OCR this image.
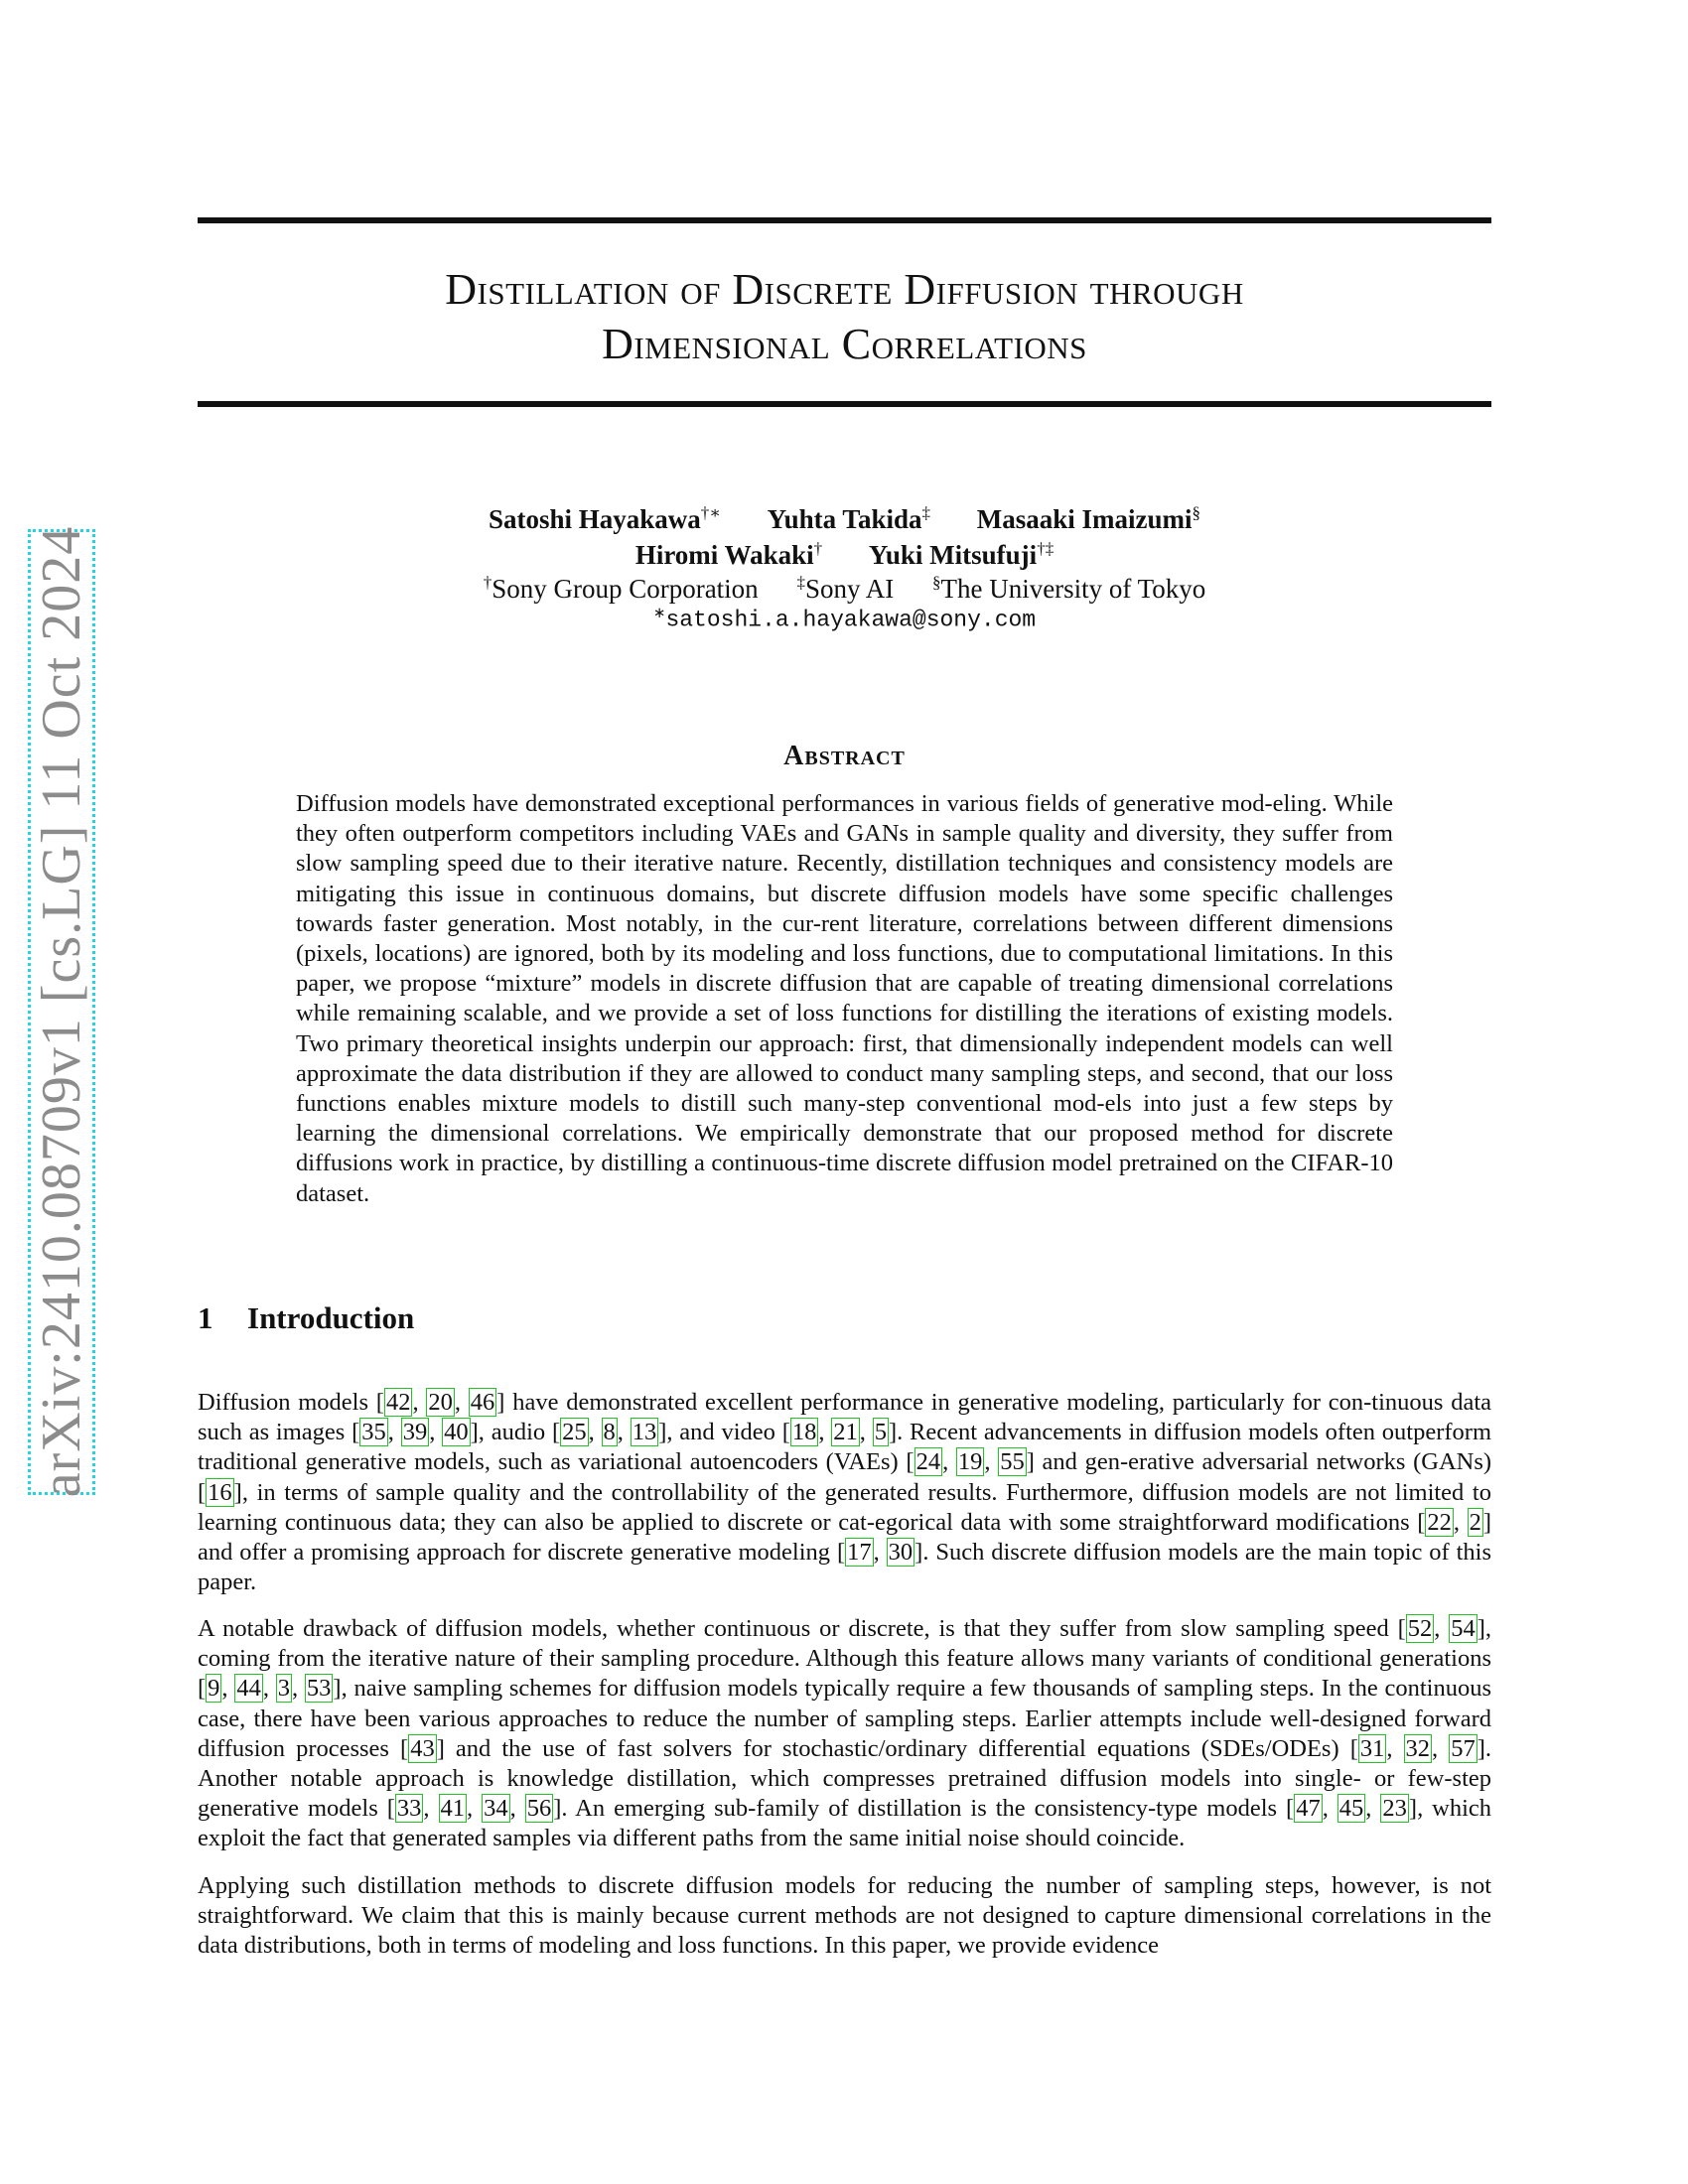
arXiv:2410.08709v1 [cs.LG] 11 Oct 2024
Distillation of Discrete Diffusion through
Dimensional Correlations
Satoshi Hayakawa†∗ Yuhta Takida‡ Masaaki Imaizumi§
Hiromi Wakaki† Yuki Mitsufuji†‡
†Sony Group Corporation ‡Sony AI §The University of Tokyo
∗satoshi.a.hayakawa@sony.com
Abstract
Diffusion models have demonstrated exceptional performances in various fields of generative mod-eling. While they often outperform competitors including VAEs and GANs in sample quality and diversity, they suffer from slow sampling speed due to their iterative nature. Recently, distillation techniques and consistency models are mitigating this issue in continuous domains, but discrete diffusion models have some specific challenges towards faster generation. Most notably, in the cur-rent literature, correlations between different dimensions (pixels, locations) are ignored, both by its modeling and loss functions, due to computational limitations. In this paper, we propose “mixture” models in discrete diffusion that are capable of treating dimensional correlations while remaining scalable, and we provide a set of loss functions for distilling the iterations of existing models. Two primary theoretical insights underpin our approach: first, that dimensionally independent models can well approximate the data distribution if they are allowed to conduct many sampling steps, and second, that our loss functions enables mixture models to distill such many-step conventional mod-els into just a few steps by learning the dimensional correlations. We empirically demonstrate that our proposed method for discrete diffusions work in practice, by distilling a continuous-time discrete diffusion model pretrained on the CIFAR-10 dataset.
1 Introduction

Diffusion models [42, 20, 46] have demonstrated excellent performance in generative modeling, particularly for con-tinuous data such as images [35, 39, 40], audio [25, 8, 13], and video [18, 21, 5]. Recent advancements in diffusion models often outperform traditional generative models, such as variational autoencoders (VAEs) [24, 19, 55] and gen-erative adversarial networks (GANs) [16], in terms of sample quality and the controllability of the generated results. Furthermore, diffusion models are not limited to learning continuous data; they can also be applied to discrete or cat-egorical data with some straightforward modifications [22, 2] and offer a promising approach for discrete generative modeling [17, 30]. Such discrete diffusion models are the main topic of this paper.

A notable drawback of diffusion models, whether continuous or discrete, is that they suffer from slow sampling speed [52, 54], coming from the iterative nature of their sampling procedure. Although this feature allows many variants of conditional generations [9, 44, 3, 53], naive sampling schemes for diffusion models typically require a few thousands of sampling steps. In the continuous case, there have been various approaches to reduce the number of sampling steps. Earlier attempts include well-designed forward diffusion processes [43] and the use of fast solvers for stochastic/ordinary differential equations (SDEs/ODEs) [31, 32, 57]. Another notable approach is knowledge distillation, which compresses pretrained diffusion models into single- or few-step generative models [33, 41, 34, 56]. An emerging sub-family of distillation is the consistency-type models [47, 45, 23], which exploit the fact that generated samples via different paths from the same initial noise should coincide.

Applying such distillation methods to discrete diffusion models for reducing the number of sampling steps, however, is not straightforward. We claim that this is mainly because current methods are not designed to capture dimensional correlations in the data distributions, both in terms of modeling and loss functions. In this paper, we provide evidence
